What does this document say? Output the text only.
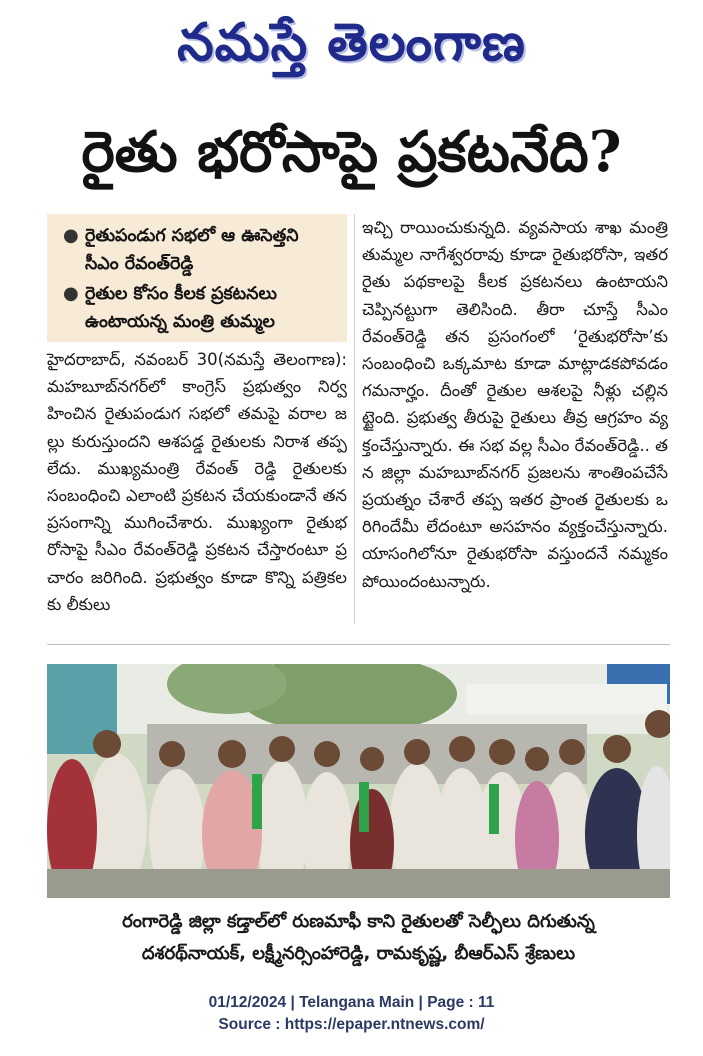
నమస్తే తెలంగాణ
రైతు భరోసాపై ప్రకటనేది?
● రైతుపండుగ సభలో ఆ ఊసెత్తని సీఎం రేవంత్‌రెడ్డి
● రైతుల కోసం కీలక ప్రకటనలు ఉంటాయన్న మంత్రి తుమ్మల
హైదరాబాద్, నవంబర్ 30(నమస్తే తెలంగాణ): మహబూబ్‌నగర్‌లో కాంగ్రెస్ ప్రభుత్వం నిర్వహించిన రైతుపండుగ సభలో తమపై వరాల జల్లు కురుస్తుందని ఆశపడ్డ రైతులకు నిరాశ తప్పలేదు. ముఖ్యమంత్రి రేవంత్ రెడ్డి రైతులకు సంబంధించి ఎలాంటి ప్రకటన చేయకుండానే తన ప్రసంగాన్ని ముగించేశారు. ముఖ్యంగా రైతుభరోసాపై సీఎం రేవంత్‌రెడ్డి ప్రకటన చేస్తారంటూ ప్రచారం జరిగింది. ప్రభుత్వం కూడా కొన్ని పత్రికలకు లీకులు
ఇచ్చి రాయించుకున్నది. వ్యవసాయ శాఖ మంత్రి తుమ్మల నాగేశ్వరరావు కూడా రైతుభరోసా, ఇతర రైతు పథకాలపై కీలక ప్రకటనలు ఉంటాయని చెప్పినట్టుగా తెలిసింది. తీరా చూస్తే సీఎం రేవంత్‌రెడ్డి తన ప్రసంగంలో ‘రైతుభరోసా’కు సంబంధించి ఒక్కమాట కూడా మాట్లాడకపోవడం గమనార్హం. దీంతో రైతుల ఆశలపై నీళ్లు చల్లినట్టైంది. ప్రభుత్వ తీరుపై రైతులు తీవ్ర ఆగ్రహం వ్యక్తంచేస్తున్నారు. ఈ సభ వల్ల సీఎం రేవంత్‌రెడ్డి.. తన జిల్లా మహబూబ్‌నగర్ ప్రజలను శాంతింపచేసే ప్రయత్నం చేశారే తప్ప ఇతర ప్రాంత రైతులకు ఒరిగిందేమీ లేదంటూ అసహనం వ్యక్తంచేస్తున్నారు. యాసంగిలోనూ రైతుభరోసా వస్తుందనే నమ్మకం పోయిందంటున్నారు.
రంగారెడ్డి జిల్లా కడ్తాల్‌లో రుణమాఫీ కాని రైతులతో సెల్ఫీలు దిగుతున్న
దశరథ్‌నాయక్, లక్ష్మీనర్సింహారెడ్డి, రామకృష్ణ, బీఆర్‌ఎస్ శ్రేణులు
01/12/2024 | Telangana Main | Page : 11
Source : https://epaper.ntnews.com/
